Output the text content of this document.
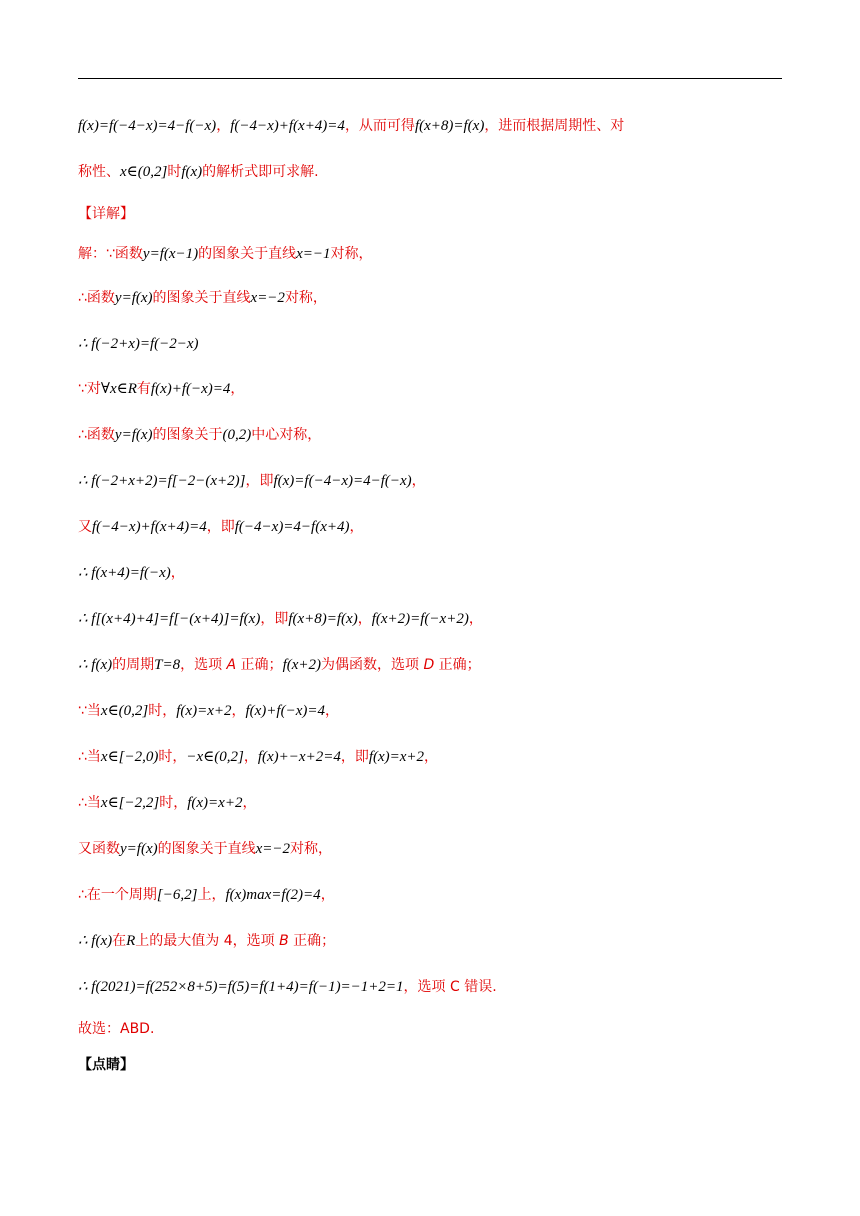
f(x)=f(−4−x)=4−f(−x)，f(−4−x)+f(x+4)=4，从而可得f(x+8)=f(x)，进而根据周期性、对
称性、x∈(0,2]时f(x)的解析式即可求解.
【详解】
解：∵函数y=f(x−1)的图象关于直线x=−1对称，
∴函数y=f(x)的图象关于直线x=−2对称，
∴ f(−2+x)=f(−2−x)
∵对∀x∈R有f(x)+f(−x)=4，
∴函数y=f(x)的图象关于(0,2)中心对称，
∴ f(−2+x+2)=f[−2−(x+2)]，即f(x)=f(−4−x)=4−f(−x)，
又f(−4−x)+f(x+4)=4，即f(−4−x)=4−f(x+4)，
∴ f(x+4)=f(−x)，
∴ f[(x+4)+4]=f[−(x+4)]=f(x)，即f(x+8)=f(x)，f(x+2)=f(−x+2)，
∴ f(x)的周期T=8，选项 A 正确；f(x+2)为偶函数，选项 D 正确；
∵当x∈(0,2]时，f(x)=x+2，f(x)+f(−x)=4，
∴当x∈[−2,0)时，−x∈(0,2]，f(x)+−x+2=4，即f(x)=x+2，
∴当x∈[−2,2]时，f(x)=x+2，
又函数y=f(x)的图象关于直线x=−2对称，
∴在一个周期[−6,2]上，f(x)max=f(2)=4，
∴ f(x)在R上的最大值为 4，选项 B 正确；
∴ f(2021)=f(252×8+5)=f(5)=f(1+4)=f(−1)=−1+2=1，选项 C 错误.
故选：ABD.
【点睛】
